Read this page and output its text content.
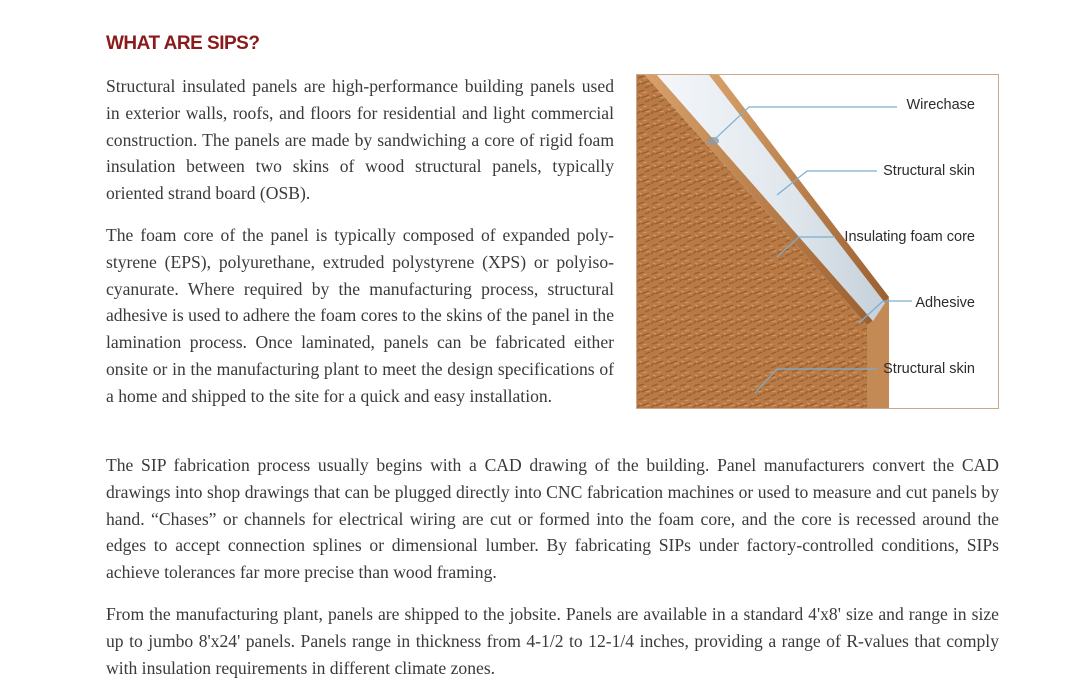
WHAT ARE SIPS?

Structural insulated panels are high-performance building panels used in exterior walls, roofs, and floors for residential and light commercial construction. The panels are made by sandwiching a core of rigid foam insulation between two skins of wood structural panels, typically oriented strand board (OSB).

The foam core of the panel is typically composed of expanded polystyrene (EPS), polyurethane, extruded polystyrene (XPS) or polyisocyanurate. Where required by the manufacturing process, structural adhesive is used to adhere the foam cores to the skins of the panel in the lamination process. Once laminated, panels can be fabricated either onsite or in the manufacturing plant to meet the design specifications of a home and shipped to the site for a quick and easy installation.

The SIP fabrication process usually begins with a CAD drawing of the building. Panel manufacturers convert the CAD drawings into shop drawings that can be plugged directly into CNC fabrication machines or used to measure and cut panels by hand. “Chases” or channels for electrical wiring are cut or formed into the foam core, and the core is recessed around the edges to accept connection splines or dimensional lumber. By fabricating SIPs under factory-controlled conditions, SIPs achieve tolerances far more precise than wood framing.

From the manufacturing plant, panels are shipped to the jobsite. Panels are available in a standard 4'x8' size and range in size up to jumbo 8'x24' panels. Panels range in thickness from 4-1/2 to 12-1/4 inches, providing a range of R-values that comply with insulation requirements in different climate zones.

Wirechase
Structural skin
Insulating foam core
Adhesive
Structural skin
